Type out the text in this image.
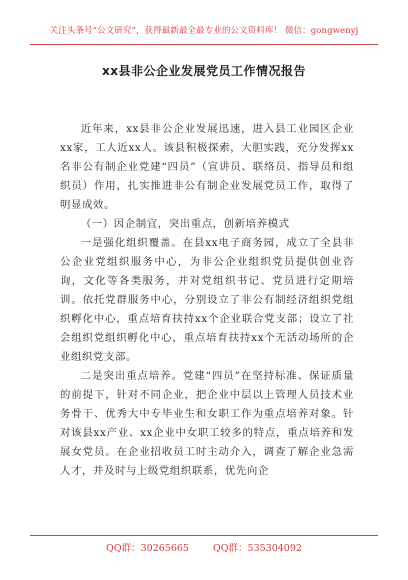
关注头条号“公文研究”，获得最新最全最专业的公文资料库！ 微信：gongwenyj
xx县非公企业发展党员工作情况报告

近年来，xx县非公企业发展迅速，进入县工业园区企业xx家，工人近xx人。该县积极探索，大胆实践，充分发挥xx名非公有制企业党建“四员”（宣讲员、联络员、指导员和组织员）作用，扎实推进非公有制企业发展党员工作，取得了明显成效。

（一）因企制宜，突出重点，创新培养模式

一是强化组织覆盖。在县xx电子商务园，成立了全县非公企业党组织服务中心，为非公企业组织党员提供创业咨询，文化等各类服务，并对党组织书记、党员进行定期培训。依托党群服务中心，分别设立了非公有制经济组织党组织孵化中心，重点培育扶持xx个企业联合党支部；设立了社会组织党组织孵化中心，重点培育扶持xx个无活动场所的企业组织党支部。

二是突出重点培养。党建“四员”在坚持标准、保证质量的前提下，针对不同企业，把企业中层以上管理人员技术业务骨干、优秀大中专毕业生和女职工作为重点培养对象。针对该县xx产业、xx企业中女职工较多的特点，重点培养和发展女党员。在企业招收员工时主动介入，调查了解企业急需人才，并及时与上级党组织联系，优先向企

QQ群：30265665	QQ群：535304092
